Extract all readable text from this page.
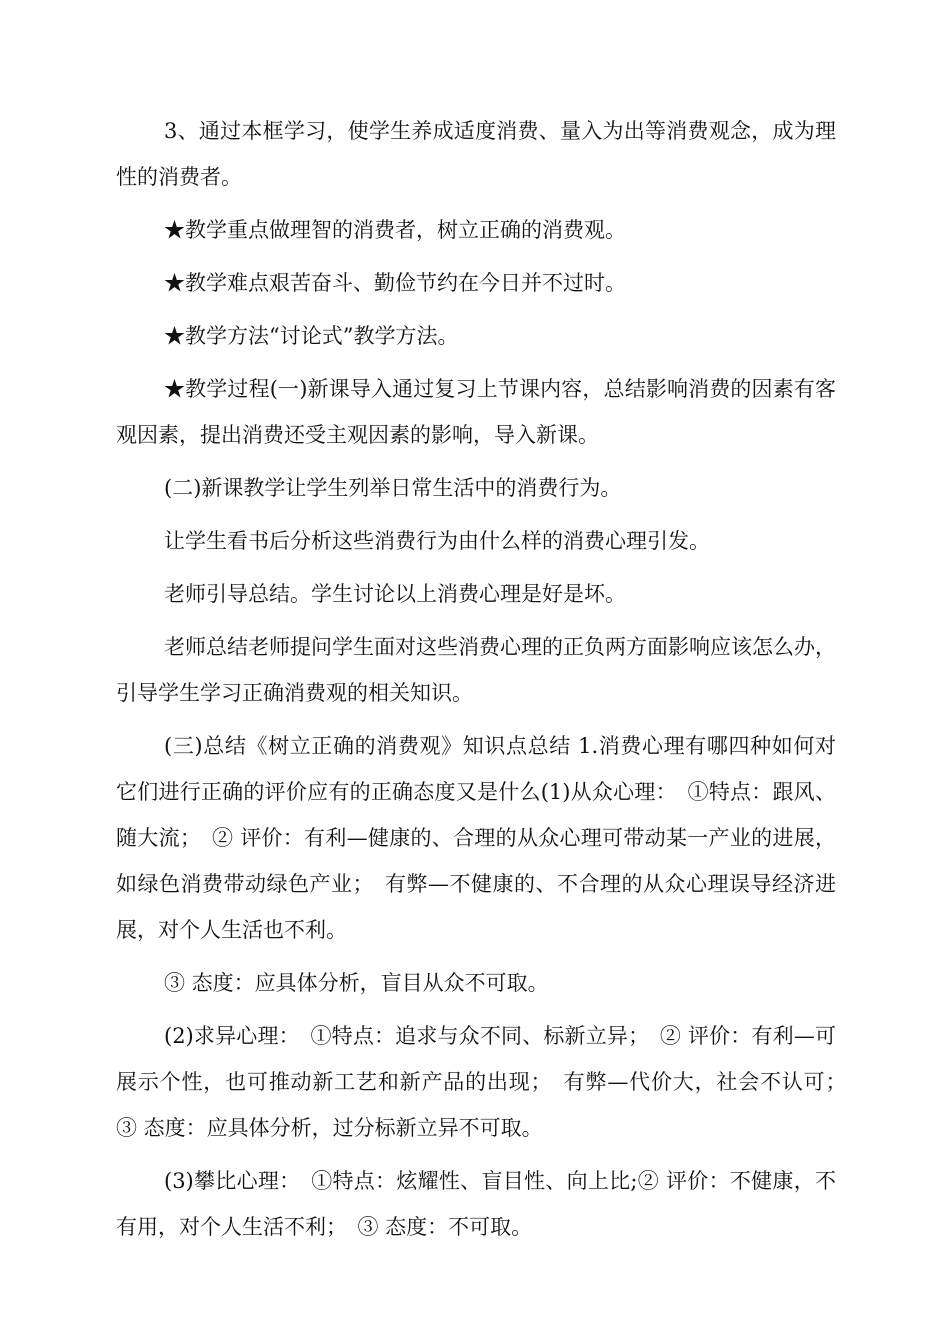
3、通过本框学习，使学生养成适度消费、量入为出等消费观念，成为理性的消费者。

★教学重点做理智的消费者，树立正确的消费观。

★教学难点艰苦奋斗、勤俭节约在今日并不过时。

★教学方法“讨论式”教学方法。

★教学过程(一)新课导入通过复习上节课内容，总结影响消费的因素有客观因素，提出消费还受主观因素的影响，导入新课。

(二)新课教学让学生列举日常生活中的消费行为。

让学生看书后分析这些消费行为由什么样的消费心理引发。

老师引导总结。学生讨论以上消费心理是好是坏。

老师总结老师提问学生面对这些消费心理的正负两方面影响应该怎么办，引导学生学习正确消费观的相关知识。

(三)总结《树立正确的消费观》知识点总结 1.消费心理有哪四种如何对它们进行正确的评价应有的正确态度又是什么(1)从众心理：　①特点：跟风、随大流；　② 评价：有利—健康的、合理的从众心理可带动某一产业的进展，如绿色消费带动绿色产业；　有弊—不健康的、不合理的从众心理误导经济进展，对个人生活也不利。

③ 态度：应具体分析，盲目从众不可取。

(2)求异心理：　①特点：追求与众不同、标新立异；　② 评价：有利—可展示个性，也可推动新工艺和新产品的出现；　有弊—代价大，社会不认可；　③ 态度：应具体分析，过分标新立异不可取。

(3)攀比心理：　①特点：炫耀性、盲目性、向上比;② 评价：不健康，不有用，对个人生活不利；　③ 态度：不可取。
